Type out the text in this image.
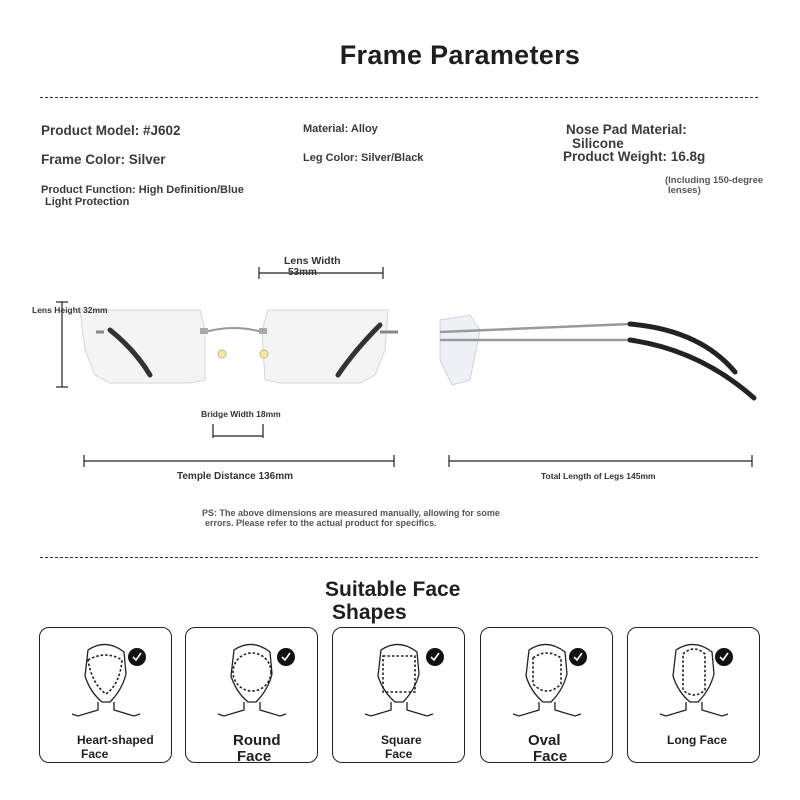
Frame Parameters
Product Model: #J602
Frame Color: Silver
Product Function: High Definition/Blue
Light Protection
Material: Alloy
Leg Color: Silver/Black
Nose Pad Material:
Silicone
Product Weight: 16.8g
(Including 150-degree
lenses)
Lens Width
53mm
Lens Height 32mm
Bridge Width 18mm
Temple Distance 136mm	Total Length of Legs 145mm
PS: The above dimensions are measured manually, allowing for some
errors. Please refer to the actual product for specifics.
Suitable Face
Shapes
Heart-shaped
Face
Round
Face
Square
Face
Oval
Face
Long Face
